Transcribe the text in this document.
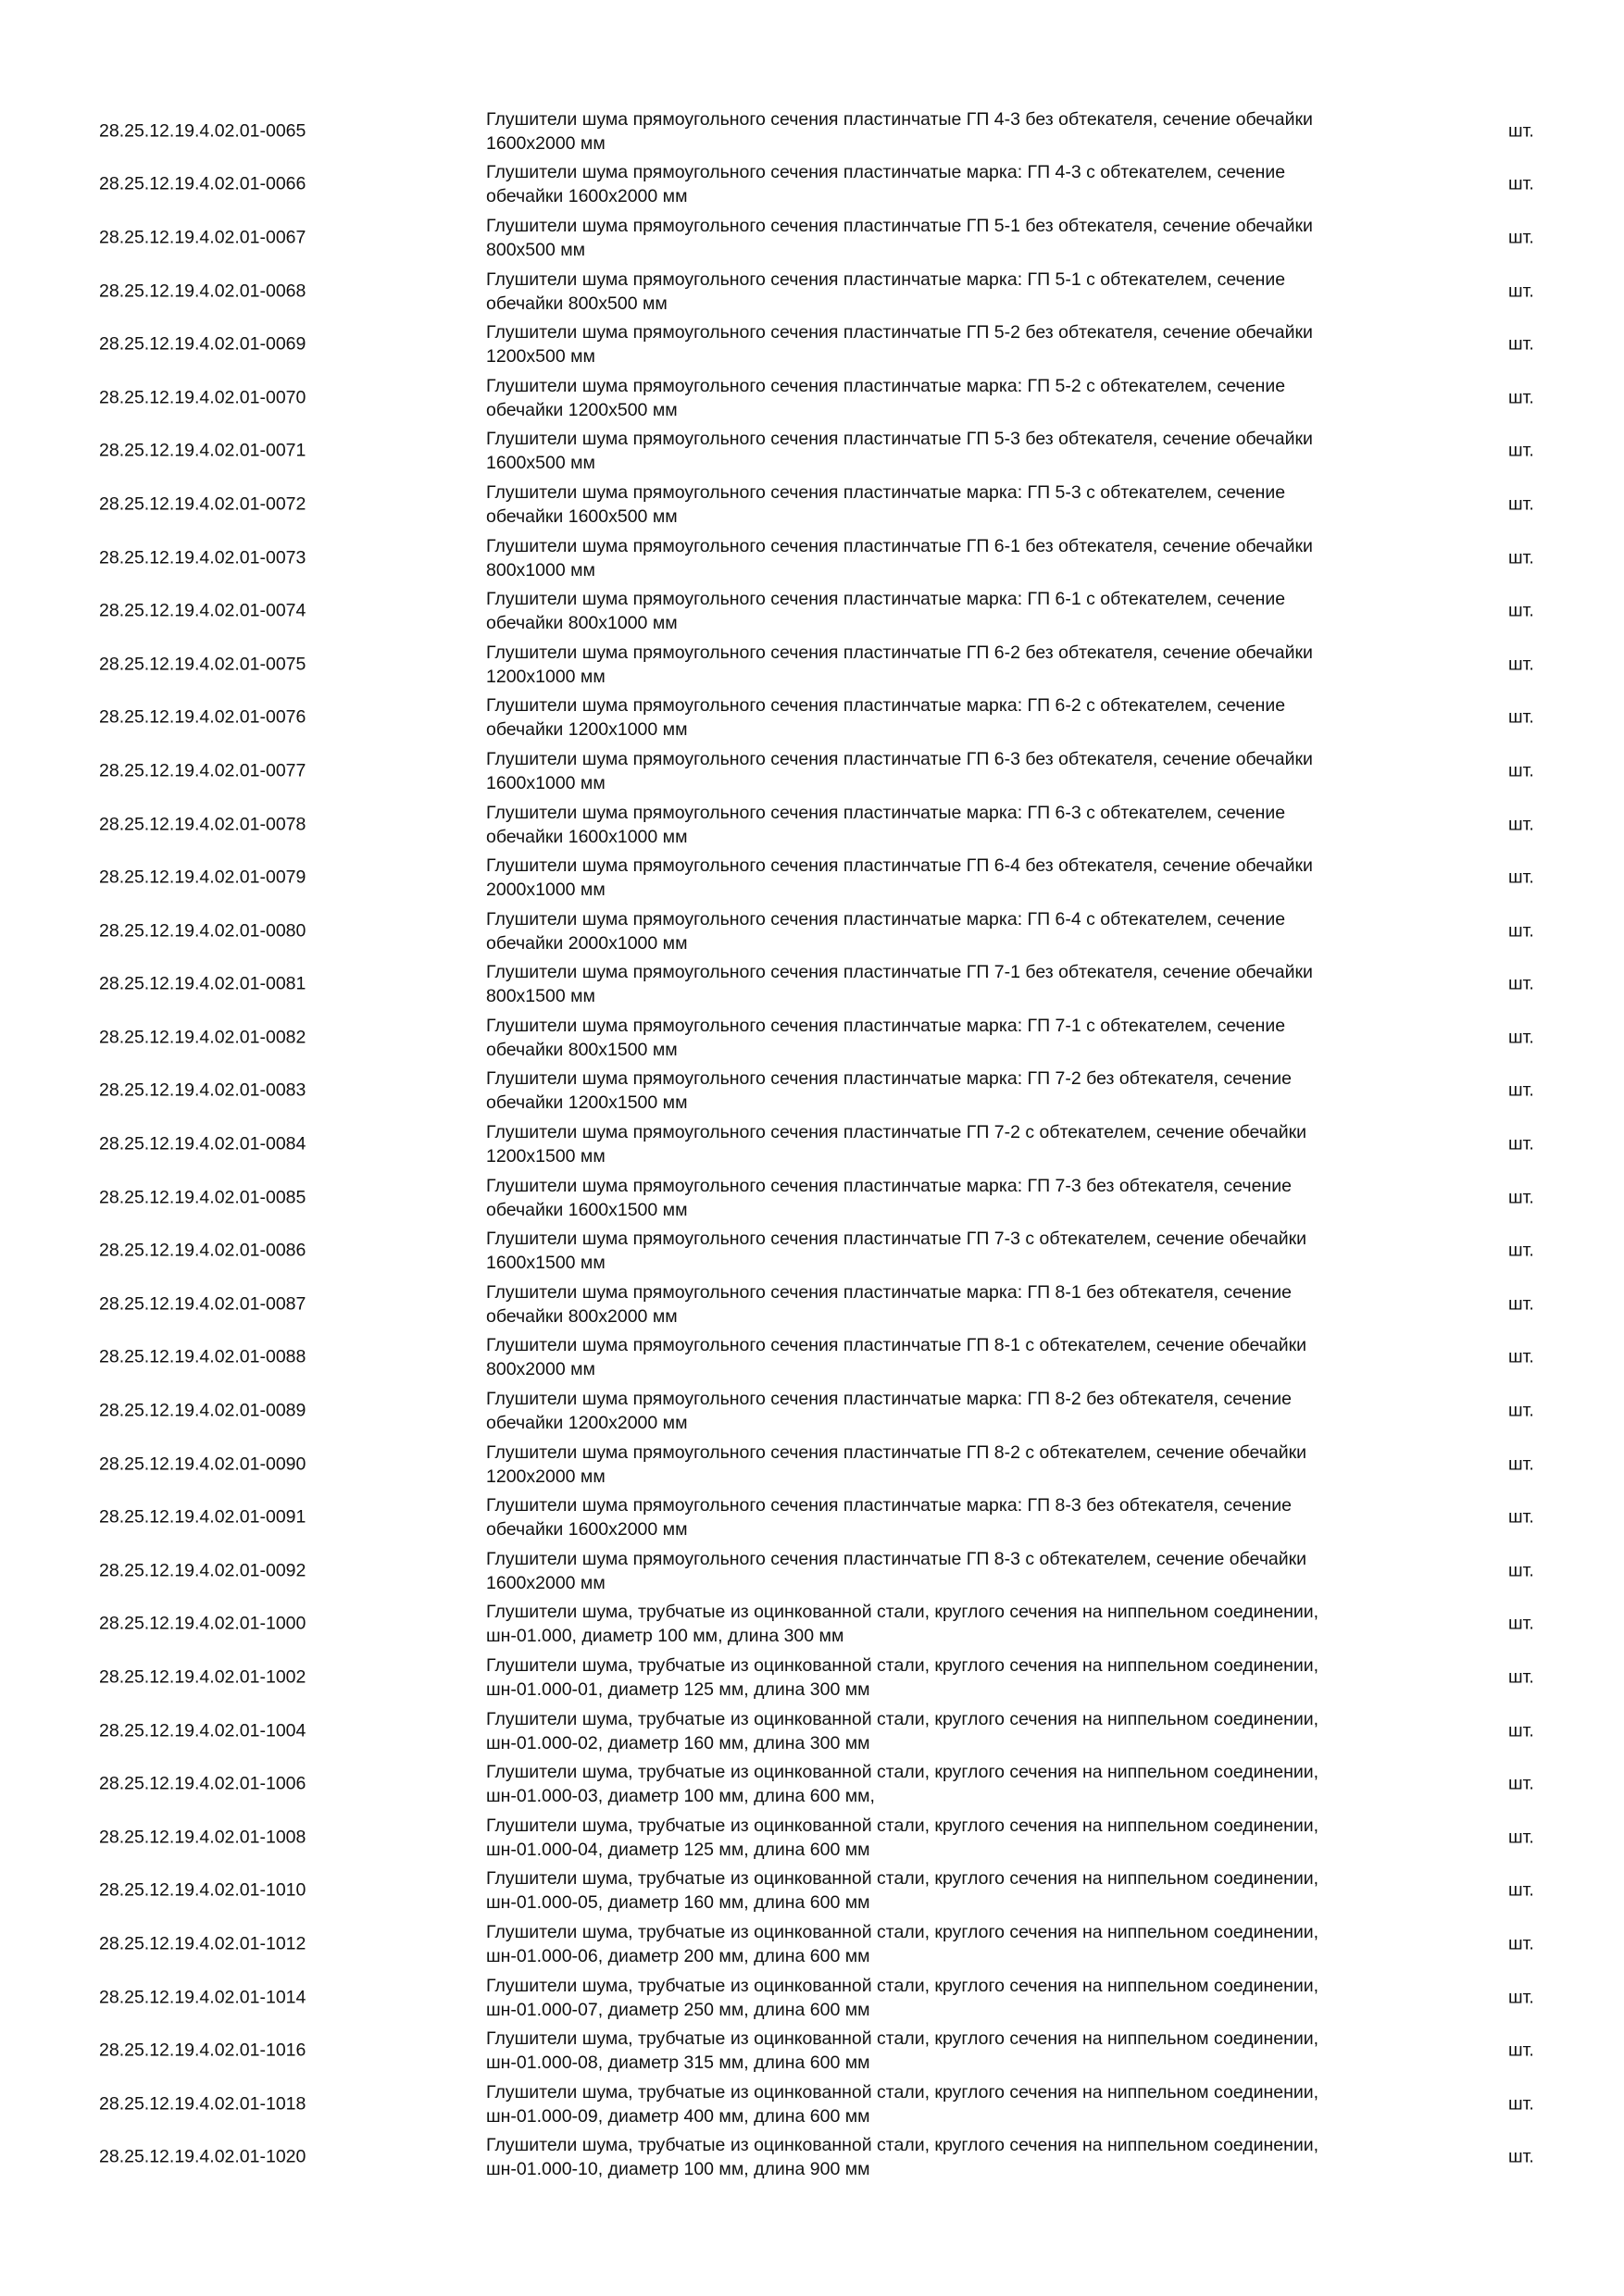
28.25.12.19.4.02.01-0065
Глушители шума прямоугольного сечения пластинчатые ГП 4-3 без обтекателя, сечение обечайки
1600х2000 мм
шт.
28.25.12.19.4.02.01-0066
Глушители шума прямоугольного сечения пластинчатые марка: ГП 4-3 с обтекателем, сечение
обечайки 1600х2000 мм
шт.
28.25.12.19.4.02.01-0067
Глушители шума прямоугольного сечения пластинчатые ГП 5-1 без обтекателя, сечение обечайки
800х500 мм
шт.
28.25.12.19.4.02.01-0068
Глушители шума прямоугольного сечения пластинчатые марка: ГП 5-1 с обтекателем, сечение
обечайки 800х500 мм
шт.
28.25.12.19.4.02.01-0069
Глушители шума прямоугольного сечения пластинчатые ГП 5-2 без обтекателя, сечение обечайки
1200х500 мм
шт.
28.25.12.19.4.02.01-0070
Глушители шума прямоугольного сечения пластинчатые марка: ГП 5-2 с обтекателем, сечение
обечайки 1200х500 мм
шт.
28.25.12.19.4.02.01-0071
Глушители шума прямоугольного сечения пластинчатые ГП 5-3 без обтекателя, сечение обечайки
1600х500 мм
шт.
28.25.12.19.4.02.01-0072
Глушители шума прямоугольного сечения пластинчатые марка: ГП 5-3 с обтекателем, сечение
обечайки 1600х500 мм
шт.
28.25.12.19.4.02.01-0073
Глушители шума прямоугольного сечения пластинчатые ГП 6-1 без обтекателя, сечение обечайки
800х1000 мм
шт.
28.25.12.19.4.02.01-0074
Глушители шума прямоугольного сечения пластинчатые марка: ГП 6-1 с обтекателем, сечение
обечайки 800х1000 мм
шт.
28.25.12.19.4.02.01-0075
Глушители шума прямоугольного сечения пластинчатые ГП 6-2 без обтекателя, сечение обечайки
1200х1000 мм
шт.
28.25.12.19.4.02.01-0076
Глушители шума прямоугольного сечения пластинчатые марка: ГП 6-2 с обтекателем, сечение
обечайки 1200х1000 мм
шт.
28.25.12.19.4.02.01-0077
Глушители шума прямоугольного сечения пластинчатые ГП 6-3 без обтекателя, сечение обечайки
1600х1000 мм
шт.
28.25.12.19.4.02.01-0078
Глушители шума прямоугольного сечения пластинчатые марка: ГП 6-3 с обтекателем, сечение
обечайки 1600х1000 мм
шт.
28.25.12.19.4.02.01-0079
Глушители шума прямоугольного сечения пластинчатые ГП 6-4 без обтекателя, сечение обечайки
2000х1000 мм
шт.
28.25.12.19.4.02.01-0080
Глушители шума прямоугольного сечения пластинчатые марка: ГП 6-4 с обтекателем, сечение
обечайки 2000х1000 мм
шт.
28.25.12.19.4.02.01-0081
Глушители шума прямоугольного сечения пластинчатые ГП 7-1 без обтекателя, сечение обечайки
800х1500 мм
шт.
28.25.12.19.4.02.01-0082
Глушители шума прямоугольного сечения пластинчатые марка: ГП 7-1 с обтекателем, сечение
обечайки 800х1500 мм
шт.
28.25.12.19.4.02.01-0083
Глушители шума прямоугольного сечения пластинчатые марка: ГП 7-2 без обтекателя, сечение
обечайки 1200х1500 мм
шт.
28.25.12.19.4.02.01-0084
Глушители шума прямоугольного сечения пластинчатые ГП 7-2 с обтекателем, сечение обечайки
1200х1500 мм
шт.
28.25.12.19.4.02.01-0085
Глушители шума прямоугольного сечения пластинчатые марка: ГП 7-3 без обтекателя, сечение
обечайки 1600х1500 мм
шт.
28.25.12.19.4.02.01-0086
Глушители шума прямоугольного сечения пластинчатые ГП 7-3 с обтекателем, сечение обечайки
1600х1500 мм
шт.
28.25.12.19.4.02.01-0087
Глушители шума прямоугольного сечения пластинчатые марка: ГП 8-1 без обтекателя, сечение
обечайки 800х2000 мм
шт.
28.25.12.19.4.02.01-0088
Глушители шума прямоугольного сечения пластинчатые ГП 8-1 с обтекателем, сечение обечайки
800х2000 мм
шт.
28.25.12.19.4.02.01-0089
Глушители шума прямоугольного сечения пластинчатые марка: ГП 8-2 без обтекателя, сечение
обечайки 1200х2000 мм
шт.
28.25.12.19.4.02.01-0090
Глушители шума прямоугольного сечения пластинчатые ГП 8-2 с обтекателем, сечение обечайки
1200х2000 мм
шт.
28.25.12.19.4.02.01-0091
Глушители шума прямоугольного сечения пластинчатые марка: ГП 8-3 без обтекателя, сечение
обечайки 1600х2000 мм
шт.
28.25.12.19.4.02.01-0092
Глушители шума прямоугольного сечения пластинчатые ГП 8-3 с обтекателем, сечение обечайки
1600х2000 мм
шт.
28.25.12.19.4.02.01-1000
Глушители шума, трубчатые из оцинкованной стали, круглого сечения на ниппельном соединении,
шн-01.000, диаметр 100 мм, длина 300 мм
шт.
28.25.12.19.4.02.01-1002
Глушители шума, трубчатые из оцинкованной стали, круглого сечения на ниппельном соединении,
шн-01.000-01, диаметр 125 мм, длина 300 мм
шт.
28.25.12.19.4.02.01-1004
Глушители шума, трубчатые из оцинкованной стали, круглого сечения на ниппельном соединении,
шн-01.000-02, диаметр 160 мм, длина 300 мм
шт.
28.25.12.19.4.02.01-1006
Глушители шума, трубчатые из оцинкованной стали, круглого сечения на ниппельном соединении,
шн-01.000-03, диаметр 100 мм, длина 600 мм,
шт.
28.25.12.19.4.02.01-1008
Глушители шума, трубчатые из оцинкованной стали, круглого сечения на ниппельном соединении,
шн-01.000-04, диаметр 125 мм, длина 600 мм
шт.
28.25.12.19.4.02.01-1010
Глушители шума, трубчатые из оцинкованной стали, круглого сечения на ниппельном соединении,
шн-01.000-05, диаметр 160 мм, длина 600 мм
шт.
28.25.12.19.4.02.01-1012
Глушители шума, трубчатые из оцинкованной стали, круглого сечения на ниппельном соединении,
шн-01.000-06, диаметр 200 мм, длина 600 мм
шт.
28.25.12.19.4.02.01-1014
Глушители шума, трубчатые из оцинкованной стали, круглого сечения на ниппельном соединении,
шн-01.000-07, диаметр 250 мм, длина 600 мм
шт.
28.25.12.19.4.02.01-1016
Глушители шума, трубчатые из оцинкованной стали, круглого сечения на ниппельном соединении,
шн-01.000-08, диаметр 315 мм, длина 600 мм
шт.
28.25.12.19.4.02.01-1018
Глушители шума, трубчатые из оцинкованной стали, круглого сечения на ниппельном соединении,
шн-01.000-09, диаметр 400 мм, длина 600 мм
шт.
28.25.12.19.4.02.01-1020
Глушители шума, трубчатые из оцинкованной стали, круглого сечения на ниппельном соединении,
шн-01.000-10, диаметр 100 мм, длина 900 мм
шт.
